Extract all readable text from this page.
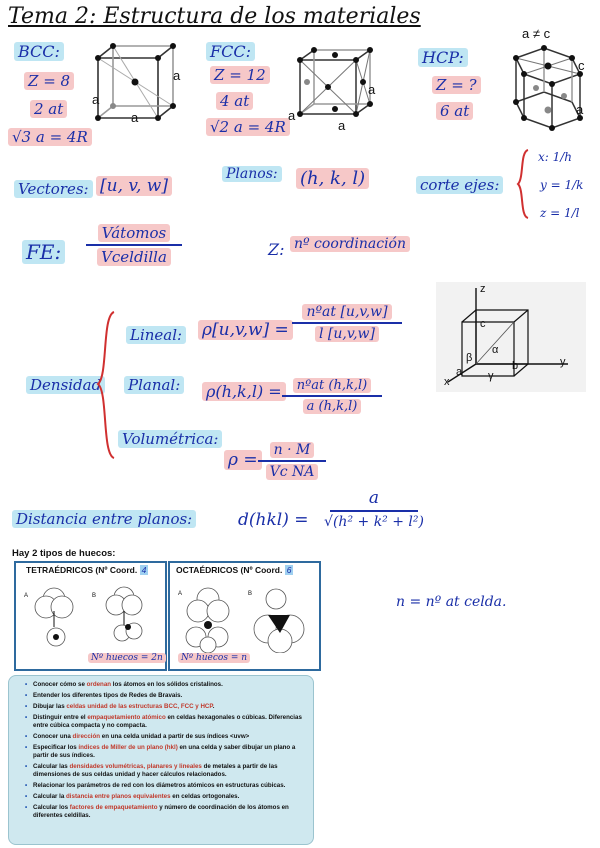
Tema 2: Estructura de los materiales
BCC:
Z = 8
2 at
√3 a = 4R
a
a
a
FCC:
Z = 12
4 at
√2 a = 4R
a
a
a
HCP:
Z = ?
6 at
a ≠ c
c
a
Vectores: [u, v, w]
Planos: (h, k, l)	corte ejes:
x: 1/h
y = 1/k
z = 1/l
FE:
Vátomos
Vceldilla	Z: nº coordinación
z
x
y
a	b
c
α
β
γ
Densidad
Lineal: ρ[u,v,w] =
nºat [u,v,w]
l [u,v,w]
Planal: ρ(h,k,l) =	nºat (h,k,l)
a (h,k,l)
Volumétrica:
ρ = n · M
Vc NA
Distancia entre planos:	d(hkl) =
a
√(h² + k² + l²)
Hay 2 tipos de huecos:
TETRAÉDRICOS (Nº Coord. 4
A	B
Nº huecos = 2n
OCTAÉDRICOS (Nº Coord. 6
A	B
Nº huecos = n
n = nº at celda.
• Conocer cómo se ordenan los átomos en los sólidos cristalinos.
• Entender los diferentes tipos de Redes de Bravais.
• Dibujar las celdas unidad de las estructuras BCC, FCC y HCP.
• Distinguir entre el empaquetamiento atómico en celdas hexagonales o cúbicas. Diferencias entre cúbica compacta y no compacta.
• Conocer una dirección en una celda unidad a partir de sus índices <uvw>
• Especificar los índices de Miller de un plano (hkl) en una celda y saber dibujar un plano a partir de sus índices.
• Calcular las densidades volumétricas, planares y lineales de metales a partir de las dimensiones de sus celdas unidad y hacer cálculos relacionados.
• Relacionar los parámetros de red con los diámetros atómicos en estructuras cúbicas.
• Calcular la distancia entre planos equivalentes en celdas ortogonales.
• Calcular los factores de empaquetamiento y número de coordinación de los átomos en diferentes celdillas.
